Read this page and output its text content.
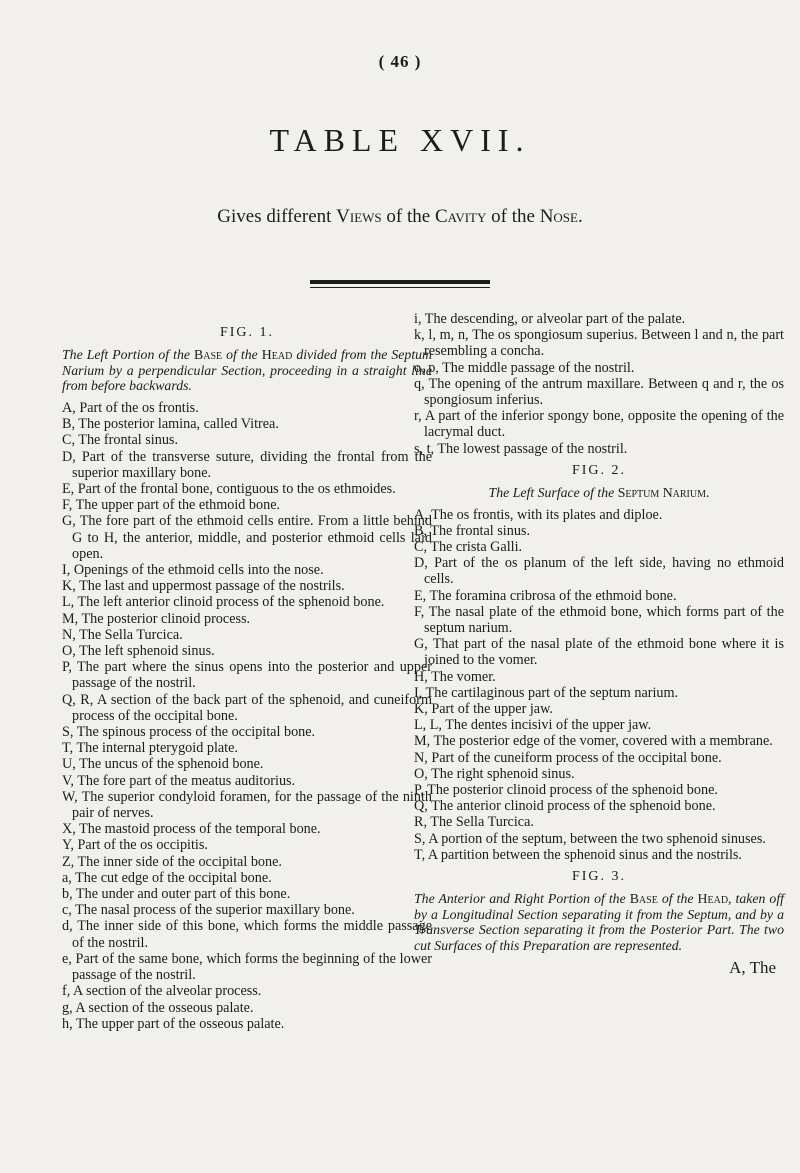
( 46 )
TABLE XVII.
Gives different Views of the Cavity of the Nose.
FIG. 1.
The Left Portion of the Base of the Head divided from the Septum Narium by a perpendicular Section, proceeding in a straight line from before backwards.

A, Part of the os frontis.

B, The posterior lamina, called Vitrea.

C, The frontal sinus.

D, Part of the transverse suture, dividing the frontal from the superior maxillary bone.

E, Part of the frontal bone, contiguous to the os ethmoides.

F, The upper part of the ethmoid bone.

G, The fore part of the ethmoid cells entire. From a little behind G to H, the anterior, middle, and posterior ethmoid cells laid open.

I, Openings of the ethmoid cells into the nose.

K, The last and uppermost passage of the nostrils.

L, The left anterior clinoid process of the sphenoid bone.

M, The posterior clinoid process.

N, The Sella Turcica.

O, The left sphenoid sinus.

P, The part where the sinus opens into the posterior and upper passage of the nostril.

Q, R, A section of the back part of the sphenoid, and cuneiform process of the occipital bone.

S, The spinous process of the occipital bone.

T, The internal pterygoid plate.

U, The uncus of the sphenoid bone.

V, The fore part of the meatus auditorius.

W, The superior condyloid foramen, for the passage of the ninth pair of nerves.

X, The mastoid process of the temporal bone.

Y, Part of the os occipitis.

Z, The inner side of the occipital bone.

a, The cut edge of the occipital bone.

b, The under and outer part of this bone.

c, The nasal process of the superior maxillary bone.

d, The inner side of this bone, which forms the middle passage of the nostril.

e, Part of the same bone, which forms the beginning of the lower passage of the nostril.

f, A section of the alveolar process.

g, A section of the osseous palate.

h, The upper part of the osseous palate.

i, The descending, or alveolar part of the palate.

k, l, m, n, The os spongiosum superius. Between l and n, the part resembling a concha.

o, p, The middle passage of the nostril.

q, The opening of the antrum maxillare. Between q and r, the os spongiosum inferius.

r, A part of the inferior spongy bone, opposite the opening of the lacrymal duct.

s, t, The lowest passage of the nostril.

FIG. 2.
The Left Surface of the Septum Narium.

A, The os frontis, with its plates and diploe.

B, The frontal sinus.

C, The crista Galli.

D, Part of the os planum of the left side, having no ethmoid cells.

E, The foramina cribrosa of the ethmoid bone.

F, The nasal plate of the ethmoid bone, which forms part of the septum narium.

G, That part of the nasal plate of the ethmoid bone where it is joined to the vomer.

H, The vomer.

I, The cartilaginous part of the septum narium.

K, Part of the upper jaw.

L, L, The dentes incisivi of the upper jaw.

M, The posterior edge of the vomer, covered with a membrane.

N, Part of the cuneiform process of the occipital bone.

O, The right sphenoid sinus.

P, The posterior clinoid process of the sphenoid bone.

Q, The anterior clinoid process of the sphenoid bone.

R, The Sella Turcica.

S, A portion of the septum, between the two sphenoid sinuses.

T, A partition between the sphenoid sinus and the nostrils.

FIG. 3.
The Anterior and Right Portion of the Base of the Head, taken off by a Longitudinal Section separating it from the Septum, and by a Transverse Section separating it from the Posterior Part. The two cut Surfaces of this Preparation are represented.
A, The
